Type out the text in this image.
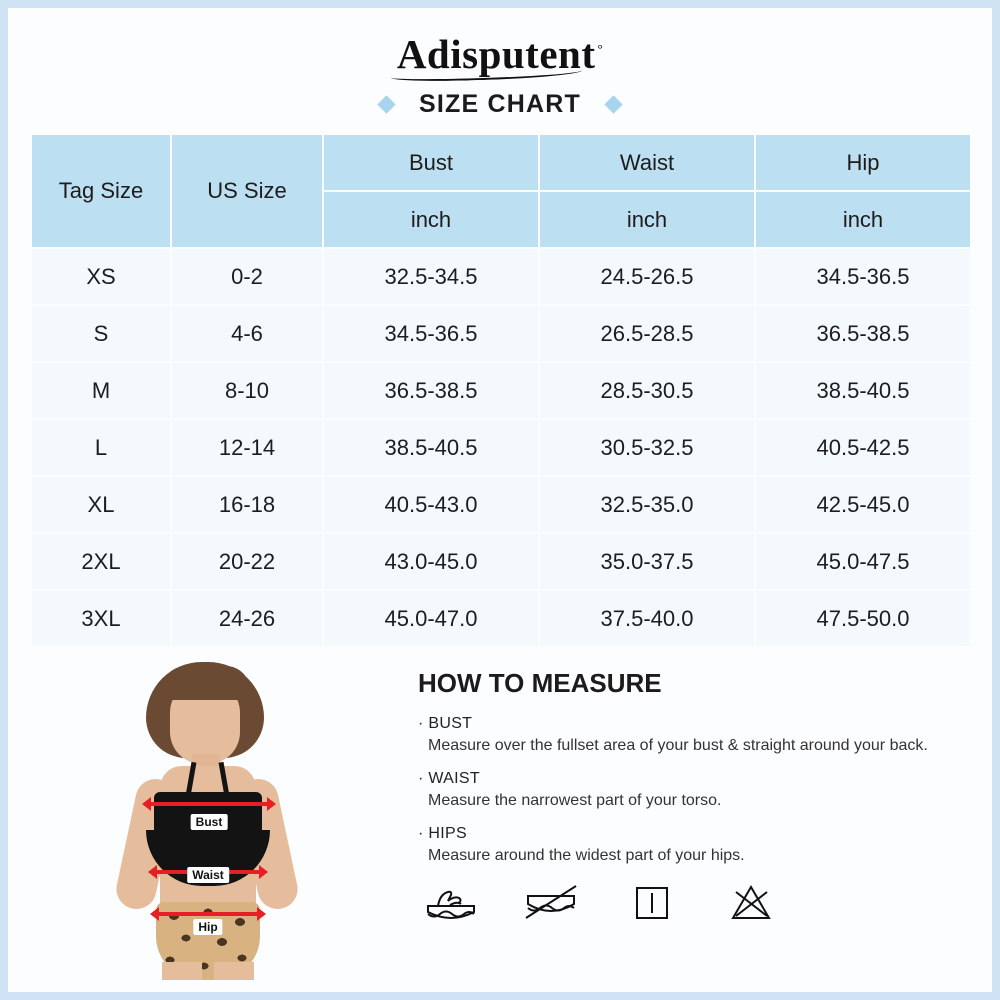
Adisputent °
SIZE CHART
Tag Size	US Size	Bust	Waist	Hip
		inch	inch	inch
XS	0-2	32.5-34.5	24.5-26.5	34.5-36.5
S	4-6	34.5-36.5	26.5-28.5	36.5-38.5
M	8-10	36.5-38.5	28.5-30.5	38.5-40.5
L	12-14	38.5-40.5	30.5-32.5	40.5-42.5
XL	16-18	40.5-43.0	32.5-35.0	42.5-45.0
2XL	20-22	43.0-45.0	35.0-37.5	45.0-47.5
3XL	24-26	45.0-47.0	37.5-40.0	47.5-50.0
Bust
Waist
Hip
HOW TO MEASURE
· BUST
Measure over the fullset area of your bust & straight around your back.
· WAIST
Measure the narrowest part of your torso.
· HIPS
Measure around the widest part of your hips.
